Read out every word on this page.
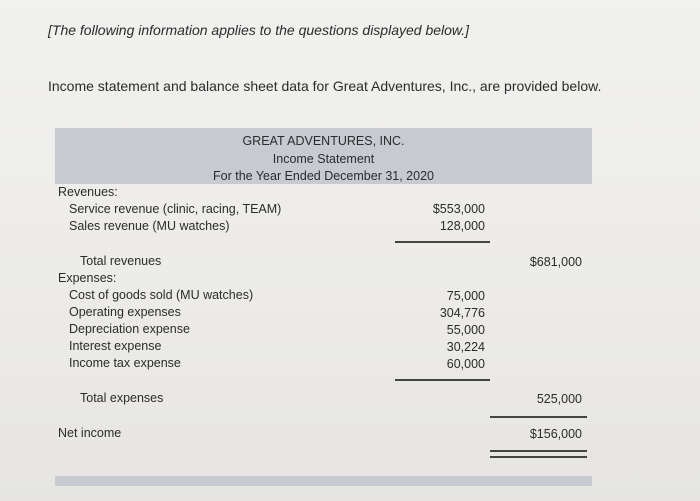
[The following information applies to the questions displayed below.]
Income statement and balance sheet data for Great Adventures, Inc., are provided below.
GREAT ADVENTURES, INC.
Income Statement
For the Year Ended December 31, 2020
Revenues:
Service revenue (clinic, racing, TEAM)	$553,000
Sales revenue (MU watches)	128,000
Total revenues	$681,000
Expenses:
Cost of goods sold (MU watches)	75,000
Operating expenses	304,776
Depreciation expense	55,000
Interest expense	30,224
Income tax expense	60,000
Total expenses	525,000
Net income	$156,000
